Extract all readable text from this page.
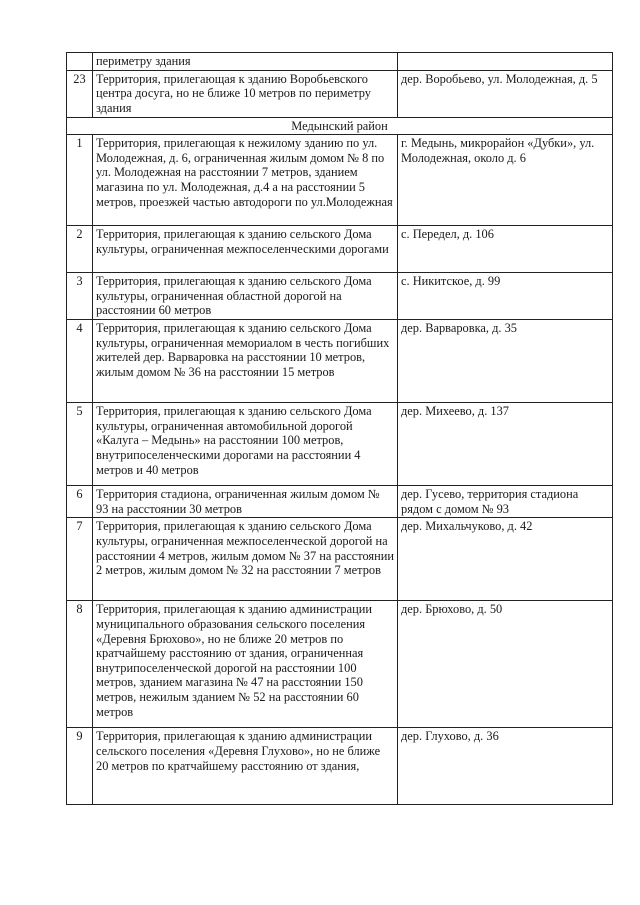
	периметру здания	
23	Территория, прилегающая к зданию Воробьевского центра досуга, но не ближе 10 метров по периметру здания	дер. Воробьево, ул. Молодежная, д. 5
Медынский район		
1	Территория, прилегающая к нежилому зданию по ул. Молодежная, д. 6, ограниченная жилым домом № 8 по ул. Молодежная на расстоянии 7 метров, зданием магазина по ул. Молодежная, д.4 а на расстоянии 5 метров, проезжей частью автодороги по ул.Молодежная	г. Медынь, микрорайон «Дубки», ул. Молодежная, около д. 6
2	Территория, прилегающая к зданию сельского Дома культуры, ограниченная межпоселенческими дорогами	с. Передел, д. 106
3	Территория, прилегающая к зданию сельского Дома культуры, ограниченная областной дорогой на расстоянии 60 метров	с. Никитское, д. 99
4	Территория, прилегающая к зданию сельского Дома культуры, ограниченная мемориалом в честь погибших жителей дер. Варваровка на расстоянии 10 метров, жилым домом № 36 на расстоянии 15 метров	дер. Варваровка, д. 35
5	Территория, прилегающая к зданию сельского Дома культуры, ограниченная автомобильной дорогой «Калуга – Медынь» на расстоянии 100 метров, внутрипоселенческими дорогами на расстоянии 4 метров и 40 метров	дер. Михеево, д. 137
6	Территория стадиона, ограниченная жилым домом № 93 на расстоянии 30 метров	дер. Гусево, территория стадиона рядом с домом № 93
7	Территория, прилегающая к зданию сельского Дома культуры, ограниченная межпоселенческой дорогой на расстоянии 4 метров, жилым домом № 37 на расстоянии 2 метров, жилым домом № 32 на расстоянии 7 метров	дер. Михальчуково, д. 42
8	Территория, прилегающая к зданию администрации муниципального образования сельского поселения «Деревня Брюхово», но не ближе 20 метров по кратчайшему расстоянию от здания, ограниченная внутрипоселенческой дорогой на расстоянии 100 метров, зданием магазина № 47 на расстоянии 150 метров, нежилым зданием № 52 на расстоянии 60 метров	дер. Брюхово, д. 50
9	Территория, прилегающая к зданию администрации сельского поселения «Деревня Глухово», но не ближе 20 метров по кратчайшему расстоянию от здания,	дер. Глухово, д. 36
